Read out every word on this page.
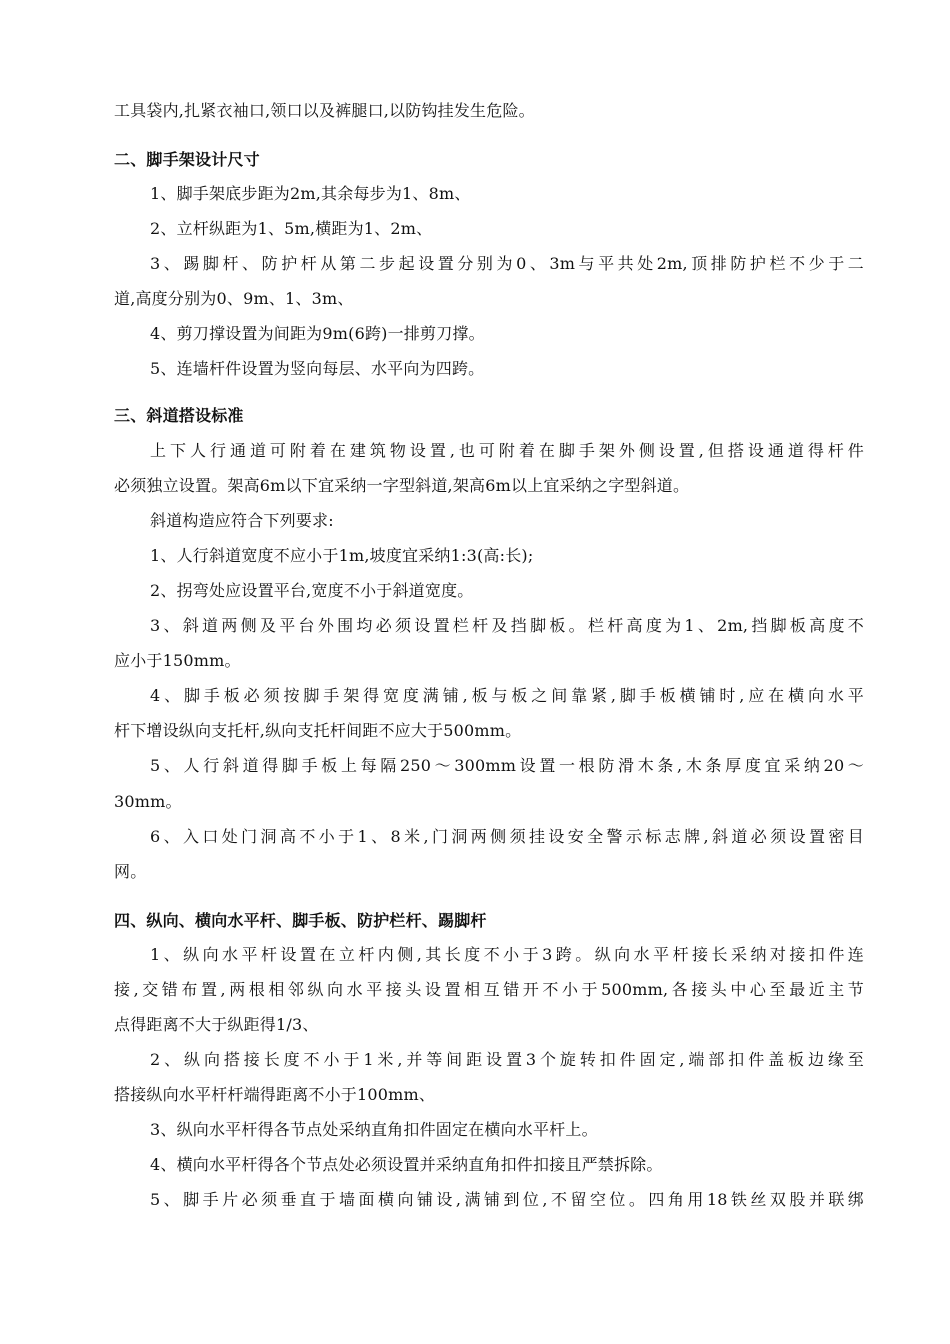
工具袋内,扎紧衣袖口,领口以及裤腿口,以防钩挂发生危险。
二、脚手架设计尺寸
1、脚手架底步距为2m,其余每步为1、8m、
2、立杆纵距为1、5m,横距为1、2m、
3、踢脚杆、防护杆从第二步起设置分别为0、3m与平共处2m,顶排防护栏不少于二
道,高度分别为0、9m、1、3m、
4、剪刀撑设置为间距为9m(6跨)一排剪刀撑。
5、连墙杆件设置为竖向每层、水平向为四跨。
三、斜道搭设标准
上下人行通道可附着在建筑物设置,也可附着在脚手架外侧设置,但搭设通道得杆件
必须独立设置。架高6m以下宜采纳一字型斜道,架高6m以上宜采纳之字型斜道。
斜道构造应符合下列要求:
1、人行斜道宽度不应小于1m,坡度宜采纳1:3(高:长);
2、拐弯处应设置平台,宽度不小于斜道宽度。
3、斜道两侧及平台外围均必须设置栏杆及挡脚板。栏杆高度为1、2m,挡脚板高度不
应小于150mm。
4、脚手板必须按脚手架得宽度满铺,板与板之间靠紧,脚手板横铺时,应在横向水平
杆下增设纵向支托杆,纵向支托杆间距不应大于500mm。
5、人行斜道得脚手板上每隔250～300mm设置一根防滑木条,木条厚度宜采纳20～
30mm。
6、入口处门洞高不小于1、8米,门洞两侧须挂设安全警示标志牌,斜道必须设置密目
网。
四、纵向、横向水平杆、脚手板、防护栏杆、踢脚杆
1、纵向水平杆设置在立杆内侧,其长度不小于3跨。纵向水平杆接长采纳对接扣件连
接,交错布置,两根相邻纵向水平接头设置相互错开不小于500mm,各接头中心至最近主节
点得距离不大于纵距得1/3、
2、纵向搭接长度不小于1米,并等间距设置3个旋转扣件固定,端部扣件盖板边缘至
搭接纵向水平杆杆端得距离不小于100mm、
3、纵向水平杆得各节点处采纳直角扣件固定在横向水平杆上。
4、横向水平杆得各个节点处必须设置并采纳直角扣件扣接且严禁拆除。
5、脚手片必须垂直于墙面横向铺设,满铺到位,不留空位。四角用18铁丝双股并联绑
